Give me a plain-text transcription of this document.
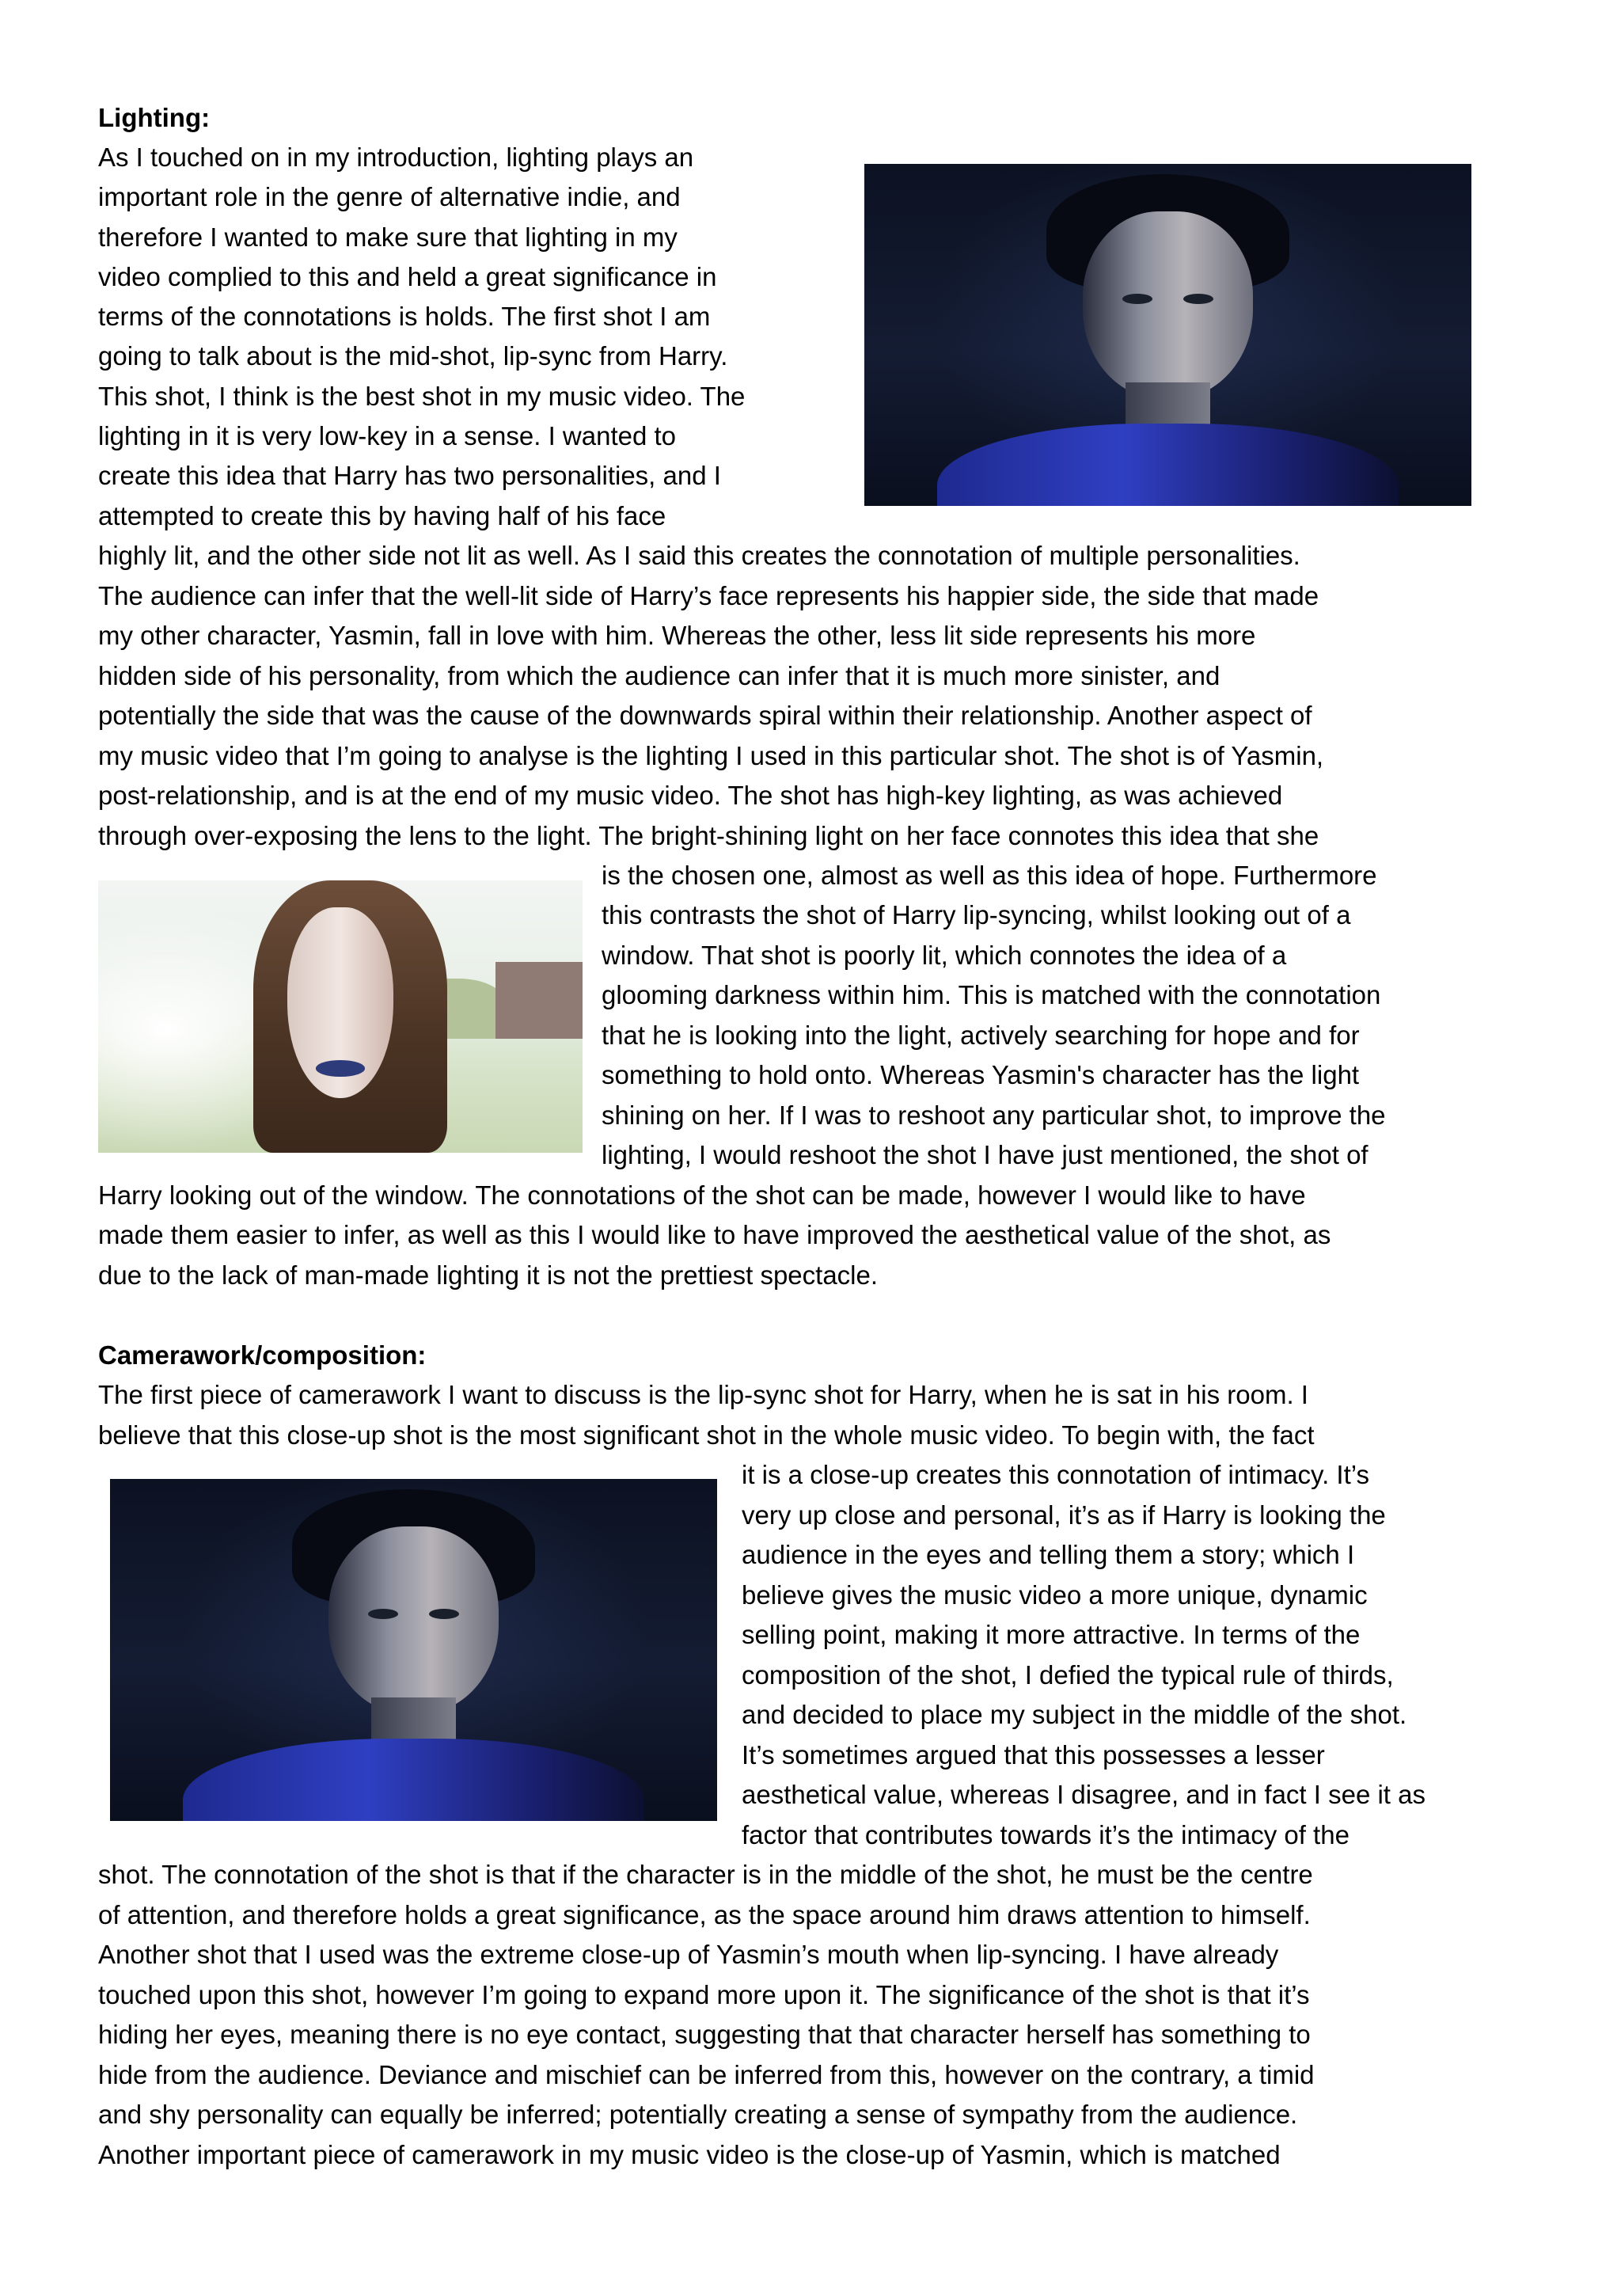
Lighting:
As I touched on in my introduction, lighting plays an
important role in the genre of alternative indie, and
therefore I wanted to make sure that lighting in my
video complied to this and held a great significance in
terms of the connotations is holds. The first shot I am
going to talk about is the mid-shot, lip-sync from Harry.
This shot, I think is the best shot in my music video. The
lighting in it is very low-key in a sense. I wanted to
create this idea that Harry has two personalities, and I
attempted to create this by having half of his face
highly lit, and the other side not lit as well. As I said this creates the connotation of multiple personalities.
The audience can infer that the well-lit side of Harry’s face represents his happier side, the side that made
my other character, Yasmin, fall in love with him. Whereas the other, less lit side represents his more
hidden side of his personality, from which the audience can infer that it is much more sinister, and
potentially the side that was the cause of the downwards spiral within their relationship. Another aspect of
my music video that I’m going to analyse is the lighting I used in this particular shot. The shot is of Yasmin,
post-relationship, and is at the end of my music video. The shot has high-key lighting, as was achieved
through over-exposing the lens to the light. The bright-shining light on her face connotes this idea that she
is the chosen one, almost as well as this idea of hope. Furthermore
this contrasts the shot of Harry lip-syncing, whilst looking out of a
window. That shot is poorly lit, which connotes the idea of a
glooming darkness within him. This is matched with the connotation
that he is looking into the light, actively searching for hope and for
something to hold onto. Whereas Yasmin's character has the light
shining on her. If I was to reshoot any particular shot, to improve the
lighting, I would reshoot the shot I have just mentioned, the shot of
Harry looking out of the window. The connotations of the shot can be made, however I would like to have
made them easier to infer, as well as this I would like to have improved the aesthetical value of the shot, as
due to the lack of man-made lighting it is not the prettiest spectacle.
Camerawork/composition:
The first piece of camerawork I want to discuss is the lip-sync shot for Harry, when he is sat in his room. I
believe that this close-up shot is the most significant shot in the whole music video. To begin with, the fact
it is a close-up creates this connotation of intimacy. It’s
very up close and personal, it’s as if Harry is looking the
audience in the eyes and telling them a story; which I
believe gives the music video a more unique, dynamic
selling point, making it more attractive. In terms of the
composition of the shot, I defied the typical rule of thirds,
and decided to place my subject in the middle of the shot.
It’s sometimes argued that this possesses a lesser
aesthetical value, whereas I disagree, and in fact I see it as
factor that contributes towards it’s the intimacy of the
shot. The connotation of the shot is that if the character is in the middle of the shot, he must be the centre
of attention, and therefore holds a great significance, as the space around him draws attention to himself.
Another shot that I used was the extreme close-up of Yasmin’s mouth when lip-syncing. I have already
touched upon this shot, however I’m going to expand more upon it. The significance of the shot is that it’s
hiding her eyes, meaning there is no eye contact, suggesting that that character herself has something to
hide from the audience. Deviance and mischief can be inferred from this, however on the contrary, a timid
and shy personality can equally be inferred; potentially creating a sense of sympathy from the audience.
Another important piece of camerawork in my music video is the close-up of Yasmin, which is matched
